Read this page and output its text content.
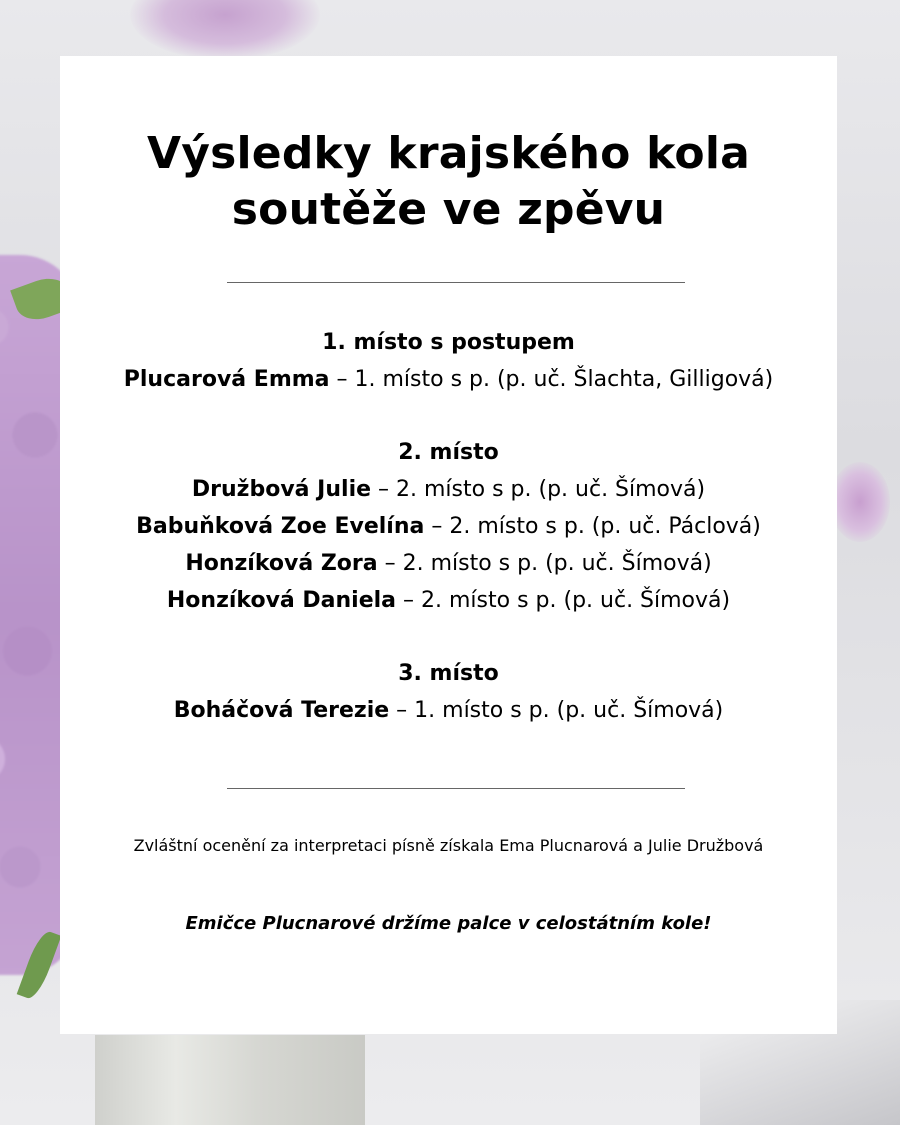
Výsledky krajského kola
soutěže ve zpěvu
1. místo s postupem
Plucarová Emma – 1. místo s p. (p. uč. Šlachta, Gilligová)
2. místo
Družbová Julie – 2. místo s p. (p. uč. Šímová)
Babuňková Zoe Evelína – 2. místo s p. (p. uč. Páclová)
Honzíková Zora – 2. místo s p. (p. uč. Šímová)
Honzíková Daniela – 2. místo s p. (p. uč. Šímová)
3. místo
Boháčová Terezie – 1. místo s p. (p. uč. Šímová)
Zvláštní ocenění za interpretaci písně získala Ema Plucnarová a Julie Družbová
Emičce Plucnarové držíme palce v celostátním kole!
